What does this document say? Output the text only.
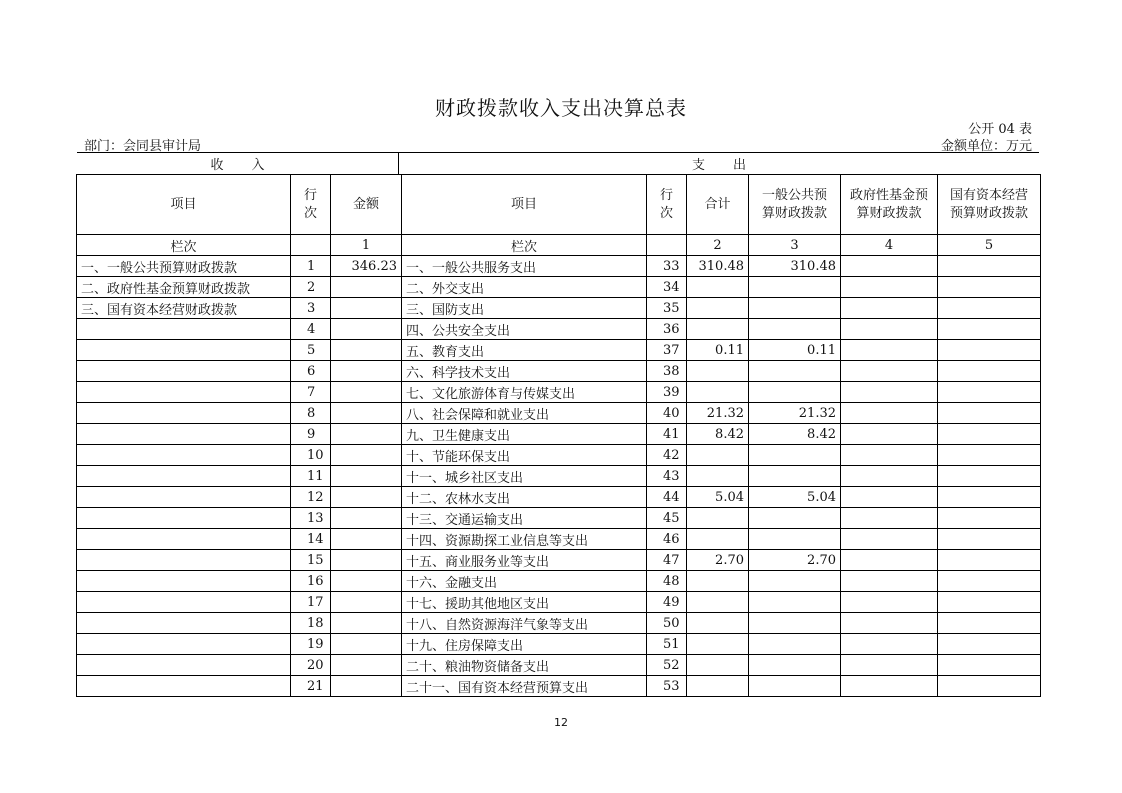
财政拨款收入支出决算总表
公开 04 表
部门：会同县审计局	金额单位：万元
收入	支出
项目	行次	金额	项目	行次	合计	一般公共预算财政拨款	政府性基金预算财政拨款	国有资本经营预算财政拨款
栏次		1	栏次		2	3	4	5
一、一般公共预算财政拨款	1	346.23	一、一般公共服务支出	33	310.48	310.48		
二、政府性基金预算财政拨款	2		二、外交支出	34				
三、国有资本经营财政拨款	3		三、国防支出	35				
	4		四、公共安全支出	36				
	5		五、教育支出	37	0.11	0.11		
	6		六、科学技术支出	38				
	7		七、文化旅游体育与传媒支出	39				
	8		八、社会保障和就业支出	40	21.32	21.32		
	9		九、卫生健康支出	41	8.42	8.42		
	10		十、节能环保支出	42				
	11		十一、城乡社区支出	43				
	12		十二、农林水支出	44	5.04	5.04		
	13		十三、交通运输支出	45				
	14		十四、资源勘探工业信息等支出	46				
	15		十五、商业服务业等支出	47	2.70	2.70		
	16		十六、金融支出	48				
	17		十七、援助其他地区支出	49				
	18		十八、自然资源海洋气象等支出	50				
	19		十九、住房保障支出	51				
	20		二十、粮油物资储备支出	52				
	21		二十一、国有资本经营预算支出	53				
12
